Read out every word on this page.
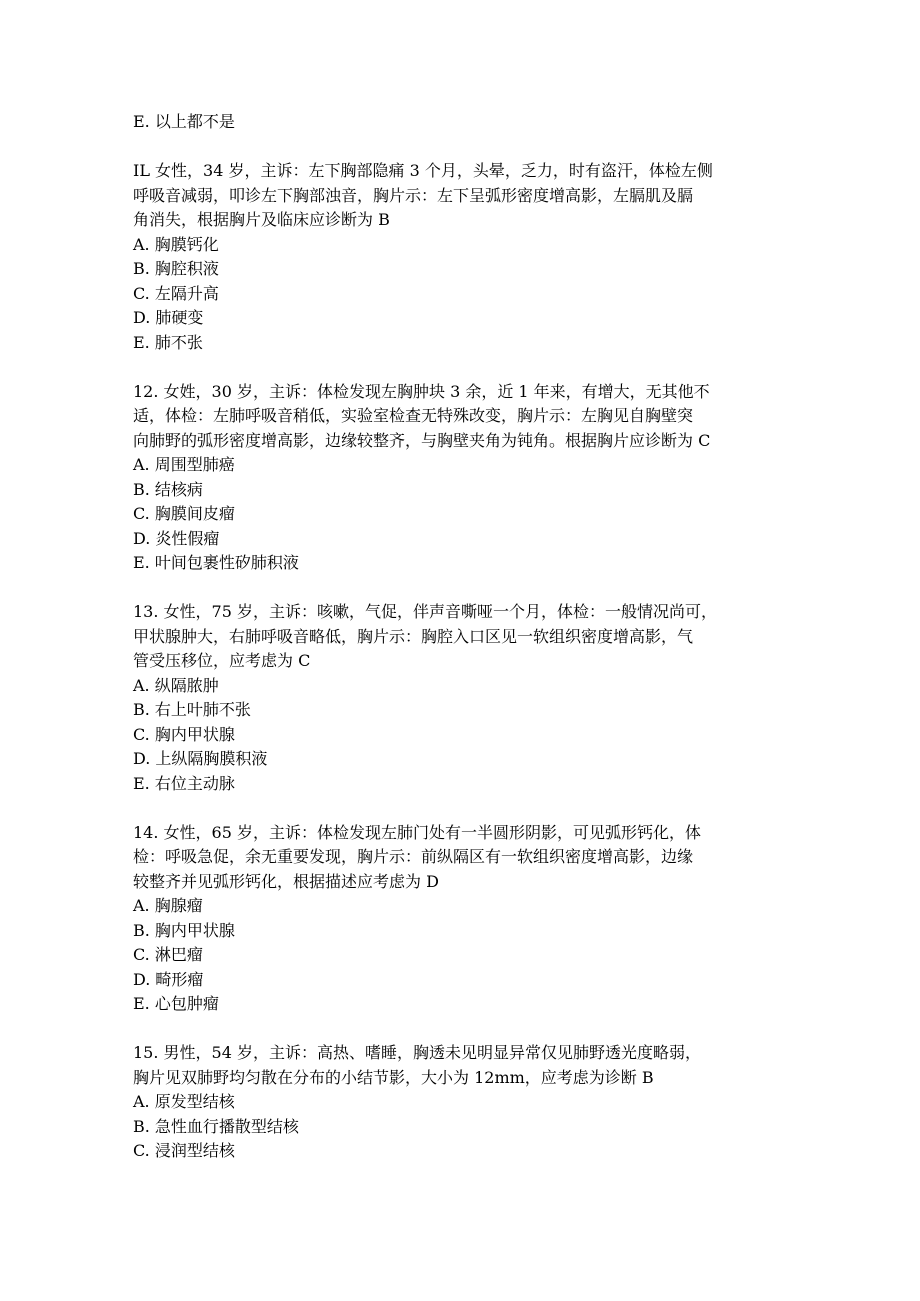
E. 以上都不是
IL 女性，34 岁，主诉：左下胸部隐痛 3 个月，头晕，乏力，时有盗汗，体检左侧
呼吸音减弱，叩诊左下胸部浊音，胸片示：左下呈弧形密度增高影，左膈肌及膈
角消失，根据胸片及临床应诊断为 B
A. 胸膜钙化
B. 胸腔积液
C. 左隔升高
D. 肺硬变
E. 肺不张
12. 女姓，30 岁，主诉：体检发现左胸肿块 3 余，近 1 年来，有增大，无其他不
适，体检：左肺呼吸音稍低，实验室检查无特殊改变，胸片示：左胸见自胸壁突
向肺野的弧形密度增高影，边缘较整齐，与胸壁夹角为钝角。根据胸片应诊断为 C
A. 周围型肺癌
B. 结核病
C. 胸膜间皮瘤
D. 炎性假瘤
E. 叶间包裹性矽肺积液
13. 女性，75 岁，主诉：咳嗽，气促，伴声音嘶哑一个月，体检：一般情况尚可，
甲状腺肿大，右肺呼吸音略低，胸片示：胸腔入口区见一软组织密度增高影，气
管受压移位，应考虑为 C
A. 纵隔脓肿
B. 右上叶肺不张
C. 胸内甲状腺
D. 上纵隔胸膜积液
E. 右位主动脉
14. 女性，65 岁，主诉：体检发现左肺门处有一半圆形阴影，可见弧形钙化，体
检：呼吸急促，余无重要发现，胸片示：前纵隔区有一软组织密度增高影，边缘
较整齐并见弧形钙化，根据描述应考虑为 D
A. 胸腺瘤
B. 胸内甲状腺
C. 淋巴瘤
D. 畸形瘤
E. 心包肿瘤
15. 男性，54 岁，主诉：高热、嗜睡，胸透未见明显异常仅见肺野透光度略弱，
胸片见双肺野均匀散在分布的小结节影，大小为 12mm，应考虑为诊断 B
A. 原发型结核
B. 急性血行播散型结核
C. 浸润型结核
